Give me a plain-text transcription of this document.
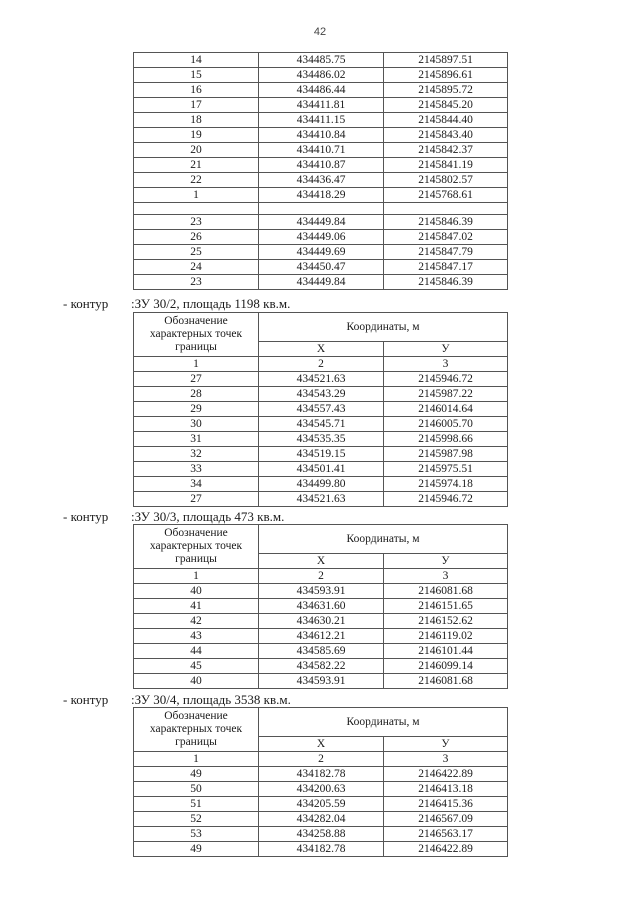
42
14	434485.75	2145897.51
15	434486.02	2145896.61
16	434486.44	2145895.72
17	434411.81	2145845.20
18	434411.15	2145844.40
19	434410.84	2145843.40
20	434410.71	2145842.37
21	434410.87	2145841.19
22	434436.47	2145802.57
1	434418.29	2145768.61

23	434449.84	2145846.39
26	434449.06	2145847.02
25	434449.69	2145847.79
24	434450.47	2145847.17
23	434449.84	2145846.39
- контур :ЗУ 30/2, площадь 1198 кв.м.
Обозначение
характерных точек
границы	Координаты, м	
	Х	У
1	2	3
27	434521.63	2145946.72
28	434543.29	2145987.22
29	434557.43	2146014.64
30	434545.71	2146005.70
31	434535.35	2145998.66
32	434519.15	2145987.98
33	434501.41	2145975.51
34	434499.80	2145974.18
27	434521.63	2145946.72
- контур :ЗУ 30/3, площадь 473 кв.м.
Обозначение
характерных точек
границы	Координаты, м	
	Х	У
1	2	3
40	434593.91	2146081.68
41	434631.60	2146151.65
42	434630.21	2146152.62
43	434612.21	2146119.02
44	434585.69	2146101.44
45	434582.22	2146099.14
40	434593.91	2146081.68
- контур :ЗУ 30/4, площадь 3538 кв.м.
Обозначение
характерных точек
границы	Координаты, м	
	Х	У
1	2	3
49	434182.78	2146422.89
50	434200.63	2146413.18
51	434205.59	2146415.36
52	434282.04	2146567.09
53	434258.88	2146563.17
49	434182.78	2146422.89
